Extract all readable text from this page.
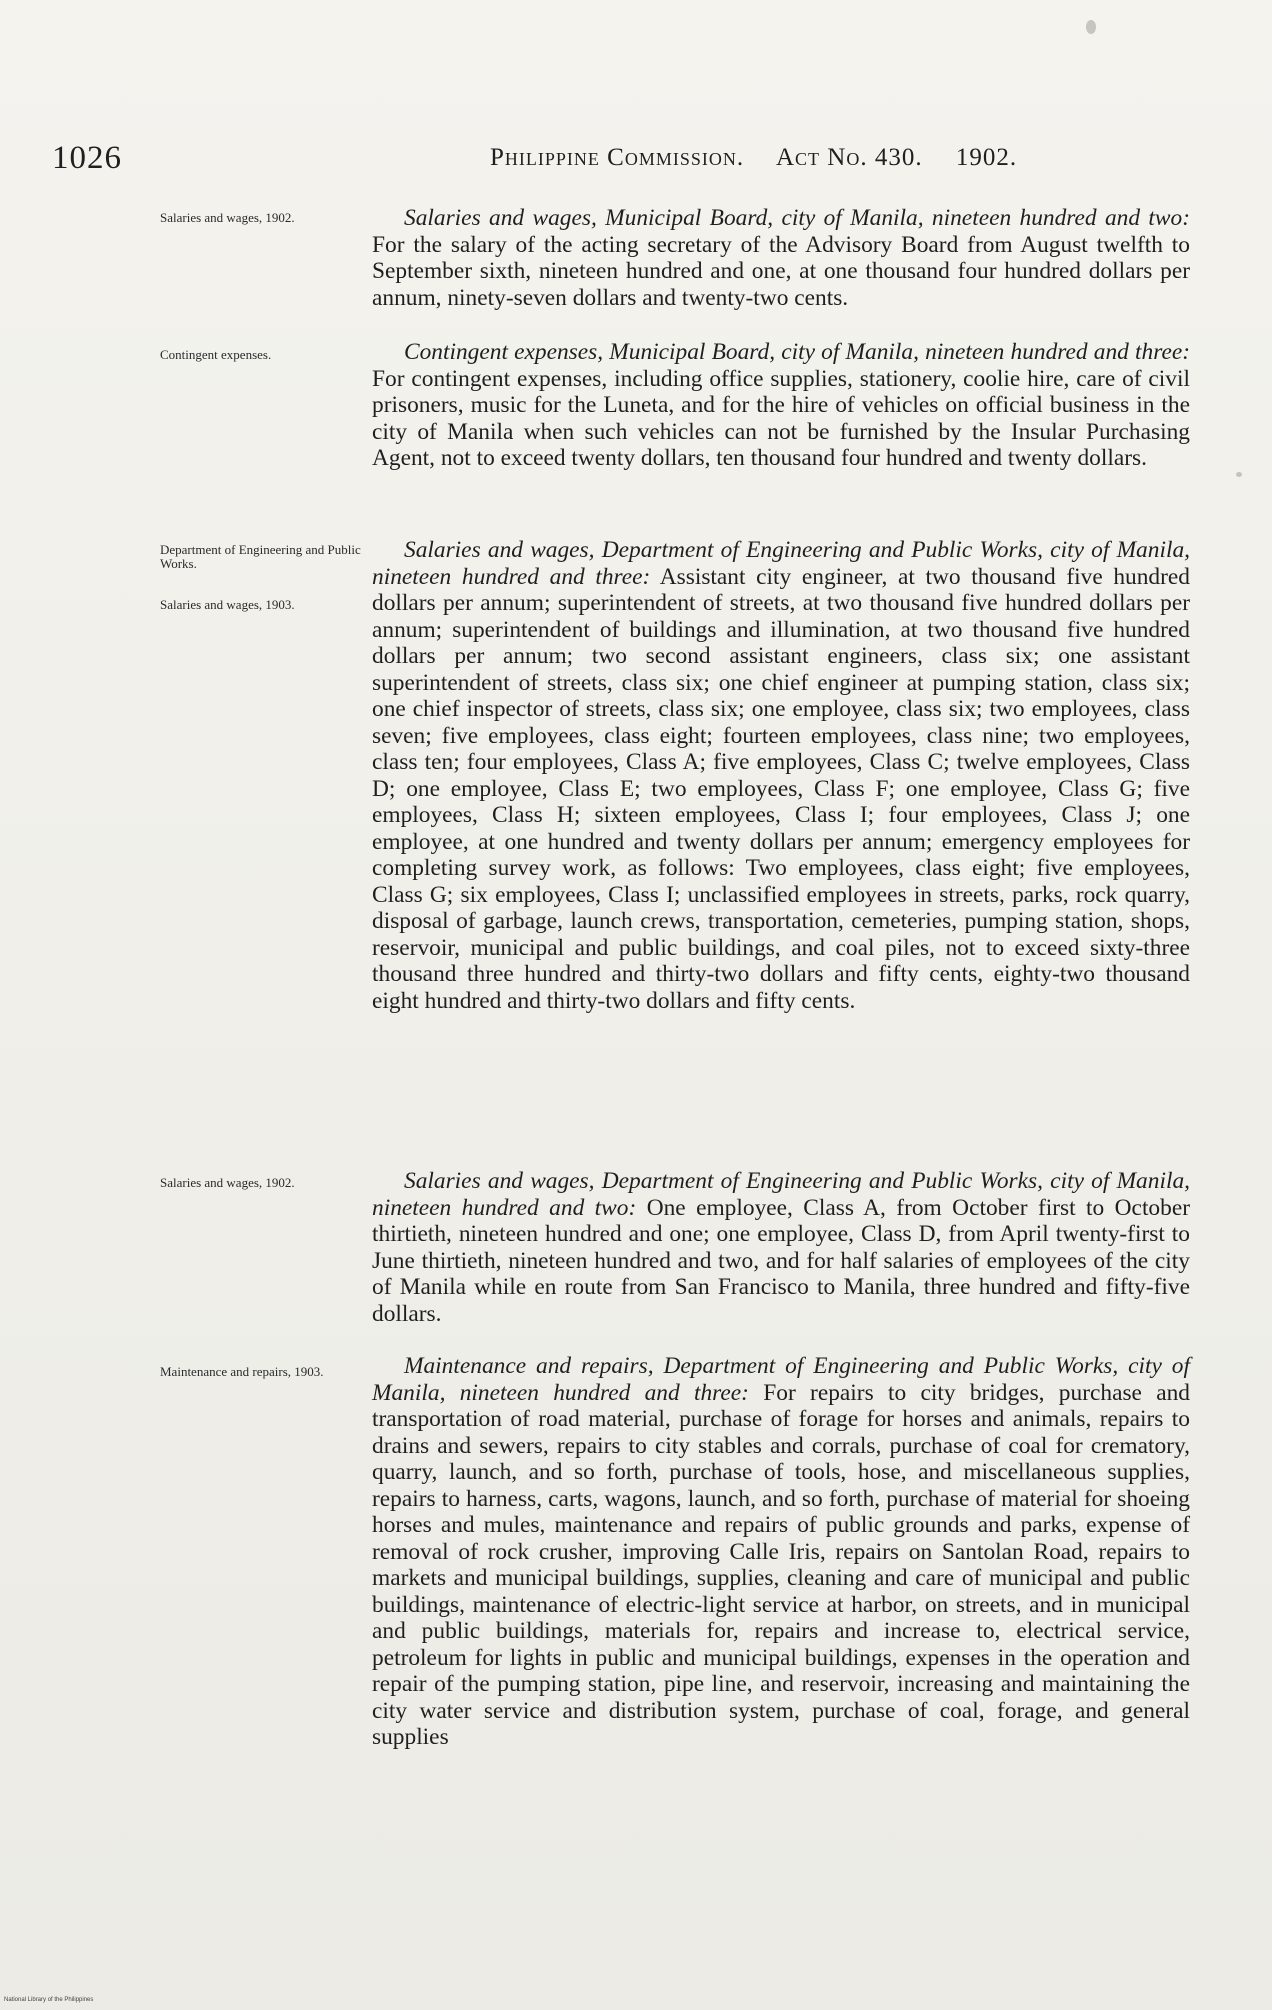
1026	Philippine Commission. Act No. 430. 1902.
Salaries and wages, 1902.
Contingent expenses.
Department of Engineering and Public Works.
Salaries and wages, 1903.
Salaries and wages, 1902.
Maintenance and repairs, 1903.

Salaries and wages, Municipal Board, city of Manila, nineteen hundred and two: For the salary of the acting secretary of the Advisory Board from August twelfth to September sixth, nineteen hundred and one, at one thousand four hundred dollars per annum, ninety-seven dollars and twenty-two cents.

Contingent expenses, Municipal Board, city of Manila, nineteen hundred and three: For contingent expenses, including office supplies, stationery, coolie hire, care of civil prisoners, music for the Luneta, and for the hire of vehicles on official business in the city of Manila when such vehicles can not be furnished by the Insular Purchasing Agent, not to exceed twenty dollars, ten thousand four hundred and twenty dollars.

Salaries and wages, Department of Engineering and Public Works, city of Manila, nineteen hundred and three: Assistant city engineer, at two thousand five hundred dollars per annum; superintendent of streets, at two thousand five hundred dollars per annum; superintendent of buildings and illumination, at two thousand five hundred dollars per annum; two second assistant engineers, class six; one assistant superintendent of streets, class six; one chief engineer at pumping station, class six; one chief inspector of streets, class six; one employee, class six; two employees, class seven; five employees, class eight; fourteen employees, class nine; two employees, class ten; four employees, Class A; five employees, Class C; twelve employees, Class D; one employee, Class E; two employees, Class F; one employee, Class G; five employees, Class H; sixteen employees, Class I; four employees, Class J; one employee, at one hundred and twenty dollars per annum; emergency employees for completing survey work, as follows: Two employees, class eight; five employees, Class G; six employees, Class I; unclassified employees in streets, parks, rock quarry, disposal of garbage, launch crews, transportation, cemeteries, pumping station, shops, reservoir, municipal and public buildings, and coal piles, not to exceed sixty-three thousand three hundred and thirty-two dollars and fifty cents, eighty-two thousand eight hundred and thirty-two dollars and fifty cents.

Salaries and wages, Department of Engineering and Public Works, city of Manila, nineteen hundred and two: One employee, Class A, from October first to October thirtieth, nineteen hundred and one; one employee, Class D, from April twenty-first to June thirtieth, nineteen hundred and two, and for half salaries of employees of the city of Manila while en route from San Francisco to Manila, three hundred and fifty-five dollars.

Maintenance and repairs, Department of Engineering and Public Works, city of Manila, nineteen hundred and three: For repairs to city bridges, purchase and transportation of road material, purchase of forage for horses and animals, repairs to drains and sewers, repairs to city stables and corrals, purchase of coal for crematory, quarry, launch, and so forth, purchase of tools, hose, and miscellaneous supplies, repairs to harness, carts, wagons, launch, and so forth, purchase of material for shoeing horses and mules, maintenance and repairs of public grounds and parks, expense of removal of rock crusher, improving Calle Iris, repairs on Santolan Road, repairs to markets and municipal buildings, supplies, cleaning and care of municipal and public buildings, maintenance of electric-light service at harbor, on streets, and in municipal and public buildings, materials for, repairs and increase to, electrical service, petroleum for lights in public and municipal buildings, expenses in the operation and repair of the pumping station, pipe line, and reservoir, increasing and maintaining the city water service and distribution system, purchase of coal, forage, and general supplies

National Library of the Philippines
